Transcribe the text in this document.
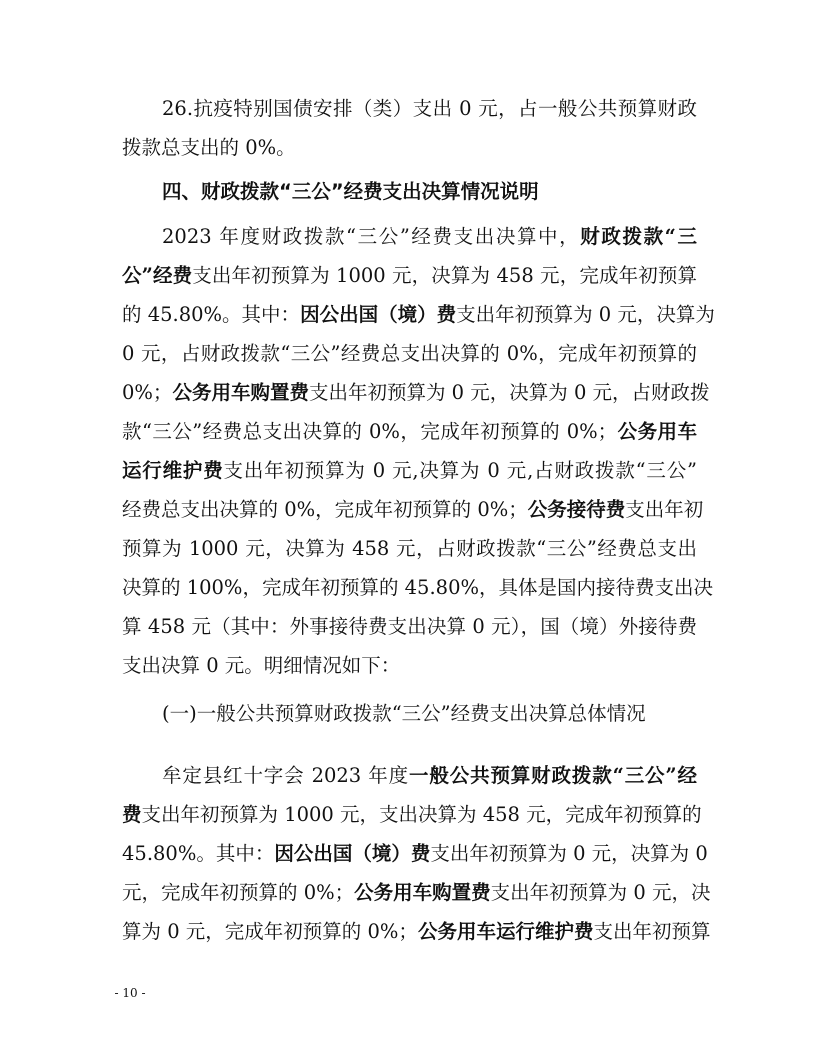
26.抗疫特别国债安排（类）支出 0 元，占一般公共预算财政
拨款总支出的 0%。
四、财政拨款“三公”经费支出决算情况说明
2023 年度财政拨款“三公”经费支出决算中，财政拨款“三
公”经费支出年初预算为 1000 元，决算为 458 元，完成年初预算
的 45.80%。其中：因公出国（境）费支出年初预算为 0 元，决算为
0 元，占财政拨款“三公”经费总支出决算的 0%，完成年初预算的
0%；公务用车购置费支出年初预算为 0 元，决算为 0 元，占财政拨
款“三公”经费总支出决算的 0%，完成年初预算的 0%；公务用车
运行维护费支出年初预算为 0 元,决算为 0 元,占财政拨款“三公”
经费总支出决算的 0%，完成年初预算的 0%；公务接待费支出年初
预算为 1000 元，决算为 458 元，占财政拨款“三公”经费总支出
决算的 100%，完成年初预算的 45.80%，具体是国内接待费支出决
算 458 元（其中：外事接待费支出决算 0 元），国（境）外接待费
支出决算 0 元。明细情况如下：
(一)一般公共预算财政拨款“三公”经费支出决算总体情况
牟定县红十字会 2023 年度一般公共预算财政拨款“三公”经
费支出年初预算为 1000 元，支出决算为 458 元，完成年初预算的
45.80%。其中：因公出国（境）费支出年初预算为 0 元，决算为 0
元，完成年初预算的 0%；公务用车购置费支出年初预算为 0 元，决
算为 0 元，完成年初预算的 0%；公务用车运行维护费支出年初预算
- 10 -
